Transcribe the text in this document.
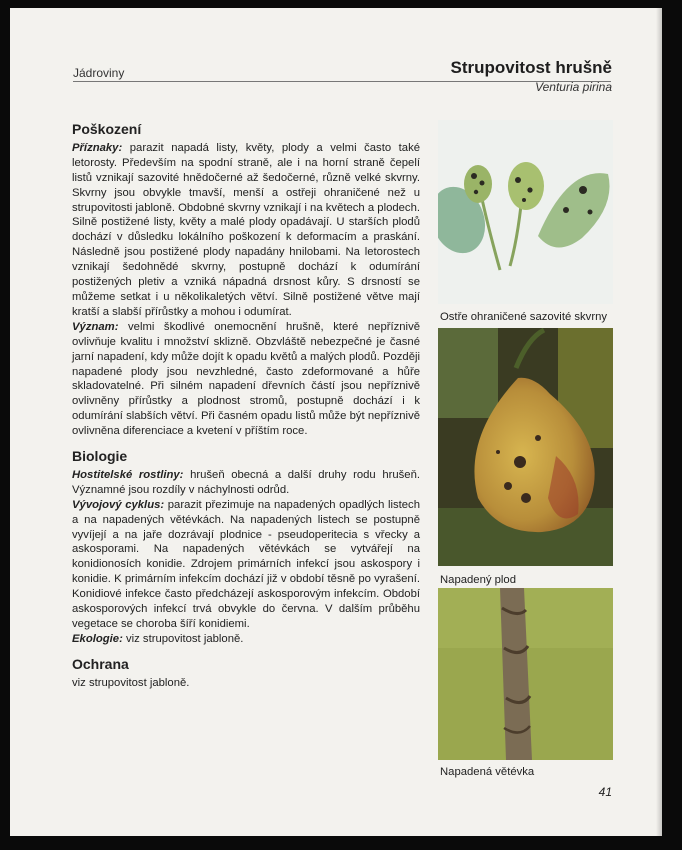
Jádroviny	Strupovitost hrušně
Venturia pirina
Poškození

Příznaky: parazit napadá listy, květy, plody a velmi často také letorosty. Především na spodní straně, ale i na horní straně čepelí listů vznikají sazovité hnědočerné až šedočerné, různě velké skvrny. Skvrny jsou obvykle tmavší, menší a ostřeji ohraničené než u strupovitosti jabloně. Obdobné skvrny vznikají i na květech a plodech. Silně postižené listy, květy a malé plody opadávají. U starších plodů dochází v důsledku lokálního poškození k deformacím a praskání. Následně jsou postižené plody napadány hnilobami. Na letorostech vznikají šedohnědé skvrny, postupně dochází k odumírání postižených pletiv a vzniká nápadná drsnost kůry. S drsností se můžeme setkat i u několikaletých větví. Silně postižené větve mají kratší a slabší přírůstky a mohou i odumírat.

Význam: velmi škodlivé onemocnění hrušně, které nepříznivě ovlivňuje kvalitu i množství sklizně. Obzvláště nebezpečné je časné jarní napadení, kdy může dojít k opadu květů a malých plodů. Později napadené plody jsou nevzhledné, často zdeformované a hůře skladovatelné. Při silném napadení dřevních částí jsou nepříznivě ovlivněny přírůstky a plodnost stromů, postupně dochází i k odumírání slabších větví. Při časném opadu listů může být nepříznivě ovlivněna diferenciace a kvetení v příštím roce.

Biologie

Hostitelské rostliny: hrušeň obecná a další druhy rodu hrušeň. Významné jsou rozdíly v náchylnosti odrůd.

Vývojový cyklus: parazit přezimuje na napadených opadlých listech a na napadených větévkách. Na napadených listech se postupně vyvíjejí a na jaře dozrávají plodnice - pseudoperitecia s vřecky a askosporami. Na napadených větévkách se vytvářejí na konidionosích konidie. Zdrojem primárních infekcí jsou askospory i konidie. K primárním infekcím dochází již v období těsně po vyrašení. Konidiové infekce často předcházejí askosporovým infekcím. Období askosporových infekcí trvá obvykle do června. V dalším průběhu vegetace se choroba šíří konidiemi.

Ekologie: viz strupovitost jabloně.

Ochrana

viz strupovitost jabloně.

Ostře ohraničené sazovité skvrny
Napadený plod
Napadená větévka
41
